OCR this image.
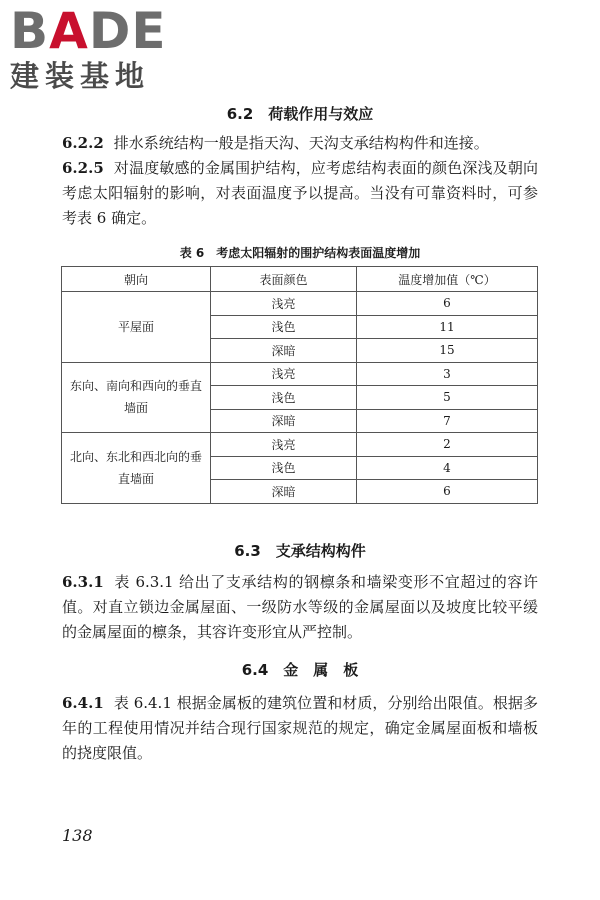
BADE
建装基地
6.2　荷载作用与效应
6.2.2 排水系统结构一般是指天沟、天沟支承结构构件和连接。
6.2.5 对温度敏感的金属围护结构，应考虑结构表面的颜色深浅及朝向考虑太阳辐射的影响，对表面温度予以提高。当没有可靠资料时，可参考表 6 确定。
表 6　考虑太阳辐射的围护结构表面温度增加
朝向	表面颜色	温度增加值（℃）
平屋面	浅亮	6
	浅色	11
	深暗	15
东向、南向和西向的垂直墙面	浅亮	3
	浅色	5
	深暗	7
北向、东北和西北向的垂直墙面	浅亮	2
	浅色	4
	深暗	6
6.3　支承结构构件
6.3.1 表 6.3.1 给出了支承结构的钢檩条和墙梁变形不宜超过的容许值。对直立锁边金属屋面、一级防水等级的金属屋面以及坡度比较平缓的金属屋面的檩条，其容许变形宜从严控制。
6.4　金　属　板
6.4.1 表 6.4.1 根据金属板的建筑位置和材质，分别给出限值。根据多年的工程使用情况并结合现行国家规范的规定，确定金属屋面板和墙板的挠度限值。
138
